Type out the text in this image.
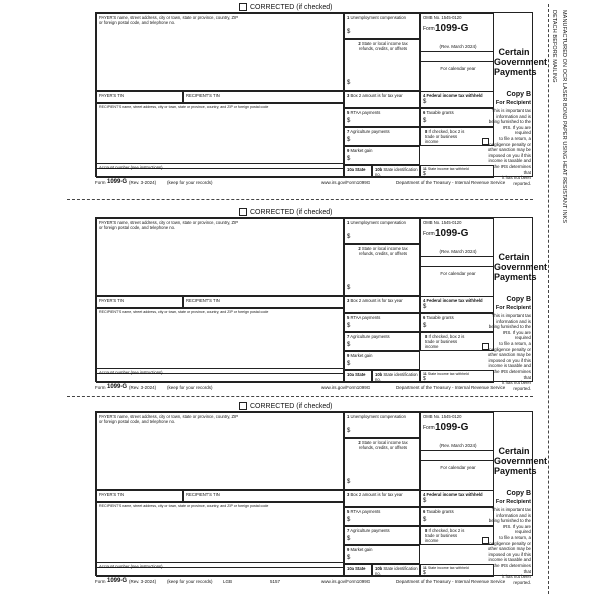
DETACH BEFORE MAILING MANUFACTURED ON OCR LASER BOND PAPER USING HEAT RESISTANT INKS
CORRECTED (if checked)
PAYER'S name, street address, city or town, state or province, country, ZIP
or foreign postal code, and telephone no.
1 Unemployment compensation
$
2 State or local income tax
refunds, credits, or offsets
$
OMB No. 1545-0120
Form 1099-G
(Rev. March 2024)
For calendar year
Certain
Government
Payments
PAYER'S TIN	RECIPIENT'S TIN	3 Box 2 amount is for tax year	4 Federal income tax withheld
$
Copy B
For Recipient
This is important tax
information and is
being furnished to the
IRS. If you are required
to file a return, a
negligence penalty or
other sanction may be
imposed on you if this
income is taxable and
the IRS determines that
it has not been
reported.
RECIPIENT'S name, street address, city or town, state or province, country, and ZIP or foreign postal code
Account number (see instructions)
5 RTAA payments
$
6 Taxable grants
$
7 Agriculture payments
$
8 If checked, box 2 is
trade or business
income
9 Market gain
$
10a State 10b State identification no.
11 State income tax withheld
$
Form 1099-G (Rev. 3-2024) (keep for your records)	www.irs.gov/Form1099G	Department of the Treasury - Internal Revenue Service
CORRECTED (if checked)
PAYER'S name, street address, city or town, state or province, country, ZIP
or foreign postal code, and telephone no.
1 Unemployment compensation
$
2 State or local income tax
refunds, credits, or offsets
$
OMB No. 1545-0120
Form 1099-G
(Rev. March 2024)
For calendar year
Certain
Government
Payments
PAYER'S TIN	RECIPIENT'S TIN	3 Box 2 amount is for tax year	4 Federal income tax withheld
$
Copy B
For Recipient
This is important tax
information and is
being furnished to the
IRS. If you are required
to file a return, a
negligence penalty or
other sanction may be
imposed on you if this
income is taxable and
the IRS determines that
it has not been
reported.
RECIPIENT'S name, street address, city or town, state or province, country, and ZIP or foreign postal code
Account number (see instructions)
5 RTAA payments
$
6 Taxable grants
$
7 Agriculture payments
$
8 If checked, box 2 is
trade or business
income
9 Market gain
$
10a State 10b State identification no.
11 State income tax withheld
$
Form 1099-G (Rev. 3-2024) (keep for your records)	www.irs.gov/Form1099G	Department of the Treasury - Internal Revenue Service
CORRECTED (if checked)
PAYER'S name, street address, city or town, state or province, country, ZIP
or foreign postal code, and telephone no.
1 Unemployment compensation
$
2 State or local income tax
refunds, credits, or offsets
$
OMB No. 1545-0120
Form 1099-G
(Rev. March 2024)
For calendar year
Certain
Government
Payments
PAYER'S TIN	RECIPIENT'S TIN	3 Box 2 amount is for tax year	4 Federal income tax withheld
$
Copy B
For Recipient
This is important tax
information and is
being furnished to the
IRS. If you are required
to file a return, a
negligence penalty or
other sanction may be
imposed on you if this
income is taxable and
the IRS determines that
it has not been
reported.
RECIPIENT'S name, street address, city or town, state or province, country, and ZIP or foreign postal code
Account number (see instructions)
5 RTAA payments
$
6 Taxable grants
$
7 Agriculture payments
$
8 If checked, box 2 is
trade or business
income
9 Market gain
$
10a State 10b State identification no.
11 State income tax withheld
$
Form 1099-G (Rev. 3-2024) (keep for your records) LGB	5157	www.irs.gov/Form1099G	Department of the Treasury - Internal Revenue Service
